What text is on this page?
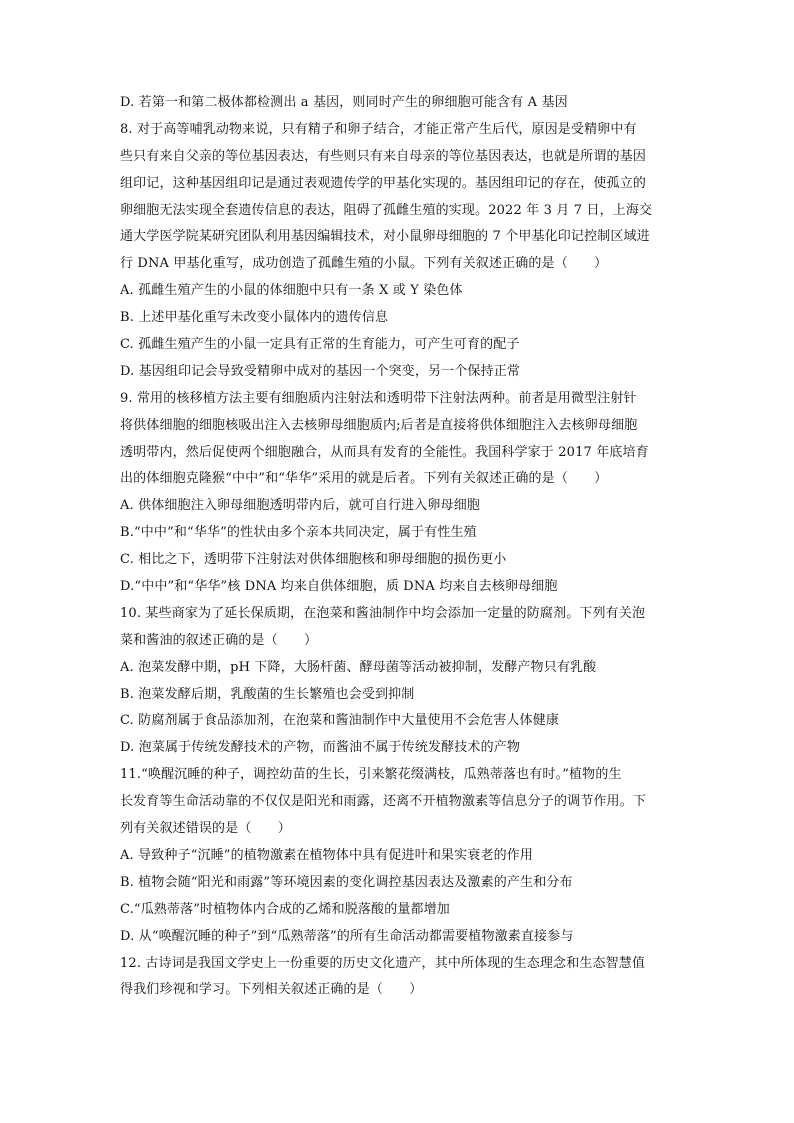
D. 若第一和第二极体都检测出 a 基因，则同时产生的卵细胞可能含有 A 基因
8. 对于高等哺乳动物来说，只有精子和卵子结合，才能正常产生后代，原因是受精卵中有
些只有来自父亲的等位基因表达，有些则只有来自母亲的等位基因表达，也就是所谓的基因
组印记，这种基因组印记是通过表观遗传学的甲基化实现的。基因组印记的存在，使孤立的
卵细胞无法实现全套遗传信息的表达，阻碍了孤雌生殖的实现。2022 年 3 月 7 日，上海交
通大学医学院某研究团队利用基因编辑技术，对小鼠卵母细胞的 7 个甲基化印记控制区域进
行 DNA 甲基化重写，成功创造了孤雌生殖的小鼠。下列有关叙述正确的是（　　）
A. 孤雌生殖产生的小鼠的体细胞中只有一条 X 或 Y 染色体
B. 上述甲基化重写未改变小鼠体内的遗传信息
C. 孤雌生殖产生的小鼠一定具有正常的生育能力，可产生可育的配子
D. 基因组印记会导致受精卵中成对的基因一个突变，另一个保持正常
9. 常用的核移植方法主要有细胞质内注射法和透明带下注射法两种。前者是用微型注射针
将供体细胞的细胞核吸出注入去核卵母细胞质内;后者是直接将供体细胞注入去核卵母细胞
透明带内，然后促使两个细胞融合，从而具有发育的全能性。我国科学家于 2017 年底培育
出的体细胞克隆猴“中中”和“华华”采用的就是后者。下列有关叙述正确的是（　　）
A. 供体细胞注入卵母细胞透明带内后，就可自行进入卵母细胞
B.“中中”和“华华”的性状由多个亲本共同决定，属于有性生殖
C. 相比之下，透明带下注射法对供体细胞核和卵母细胞的损伤更小
D.“中中”和“华华”核 DNA 均来自供体细胞，质 DNA 均来自去核卵母细胞
10. 某些商家为了延长保质期，在泡菜和酱油制作中均会添加一定量的防腐剂。下列有关泡
菜和酱油的叙述正确的是（　　）
A. 泡菜发酵中期，pH 下降，大肠杆菌、酵母菌等活动被抑制，发酵产物只有乳酸
B. 泡菜发酵后期，乳酸菌的生长繁殖也会受到抑制
C. 防腐剂属于食品添加剂，在泡菜和酱油制作中大量使用不会危害人体健康
D. 泡菜属于传统发酵技术的产物，而酱油不属于传统发酵技术的产物
11.“唤醒沉睡的种子，调控幼苗的生长，引来繁花缀满枝，瓜熟蒂落也有时。”植物的生
长发育等生命活动靠的不仅仅是阳光和雨露，还离不开植物激素等信息分子的调节作用。下
列有关叙述错误的是（　　）
A. 导致种子“沉睡”的植物激素在植物体中具有促进叶和果实衰老的作用
B. 植物会随“阳光和雨露”等环境因素的变化调控基因表达及激素的产生和分布
C.“瓜熟蒂落”时植物体内合成的乙烯和脱落酸的量都增加
D. 从“唤醒沉睡的种子”到“瓜熟蒂落”的所有生命活动都需要植物激素直接参与
12. 古诗词是我国文学史上一份重要的历史文化遗产，其中所体现的生态理念和生态智慧值
得我们珍视和学习。下列相关叙述正确的是（　　）
